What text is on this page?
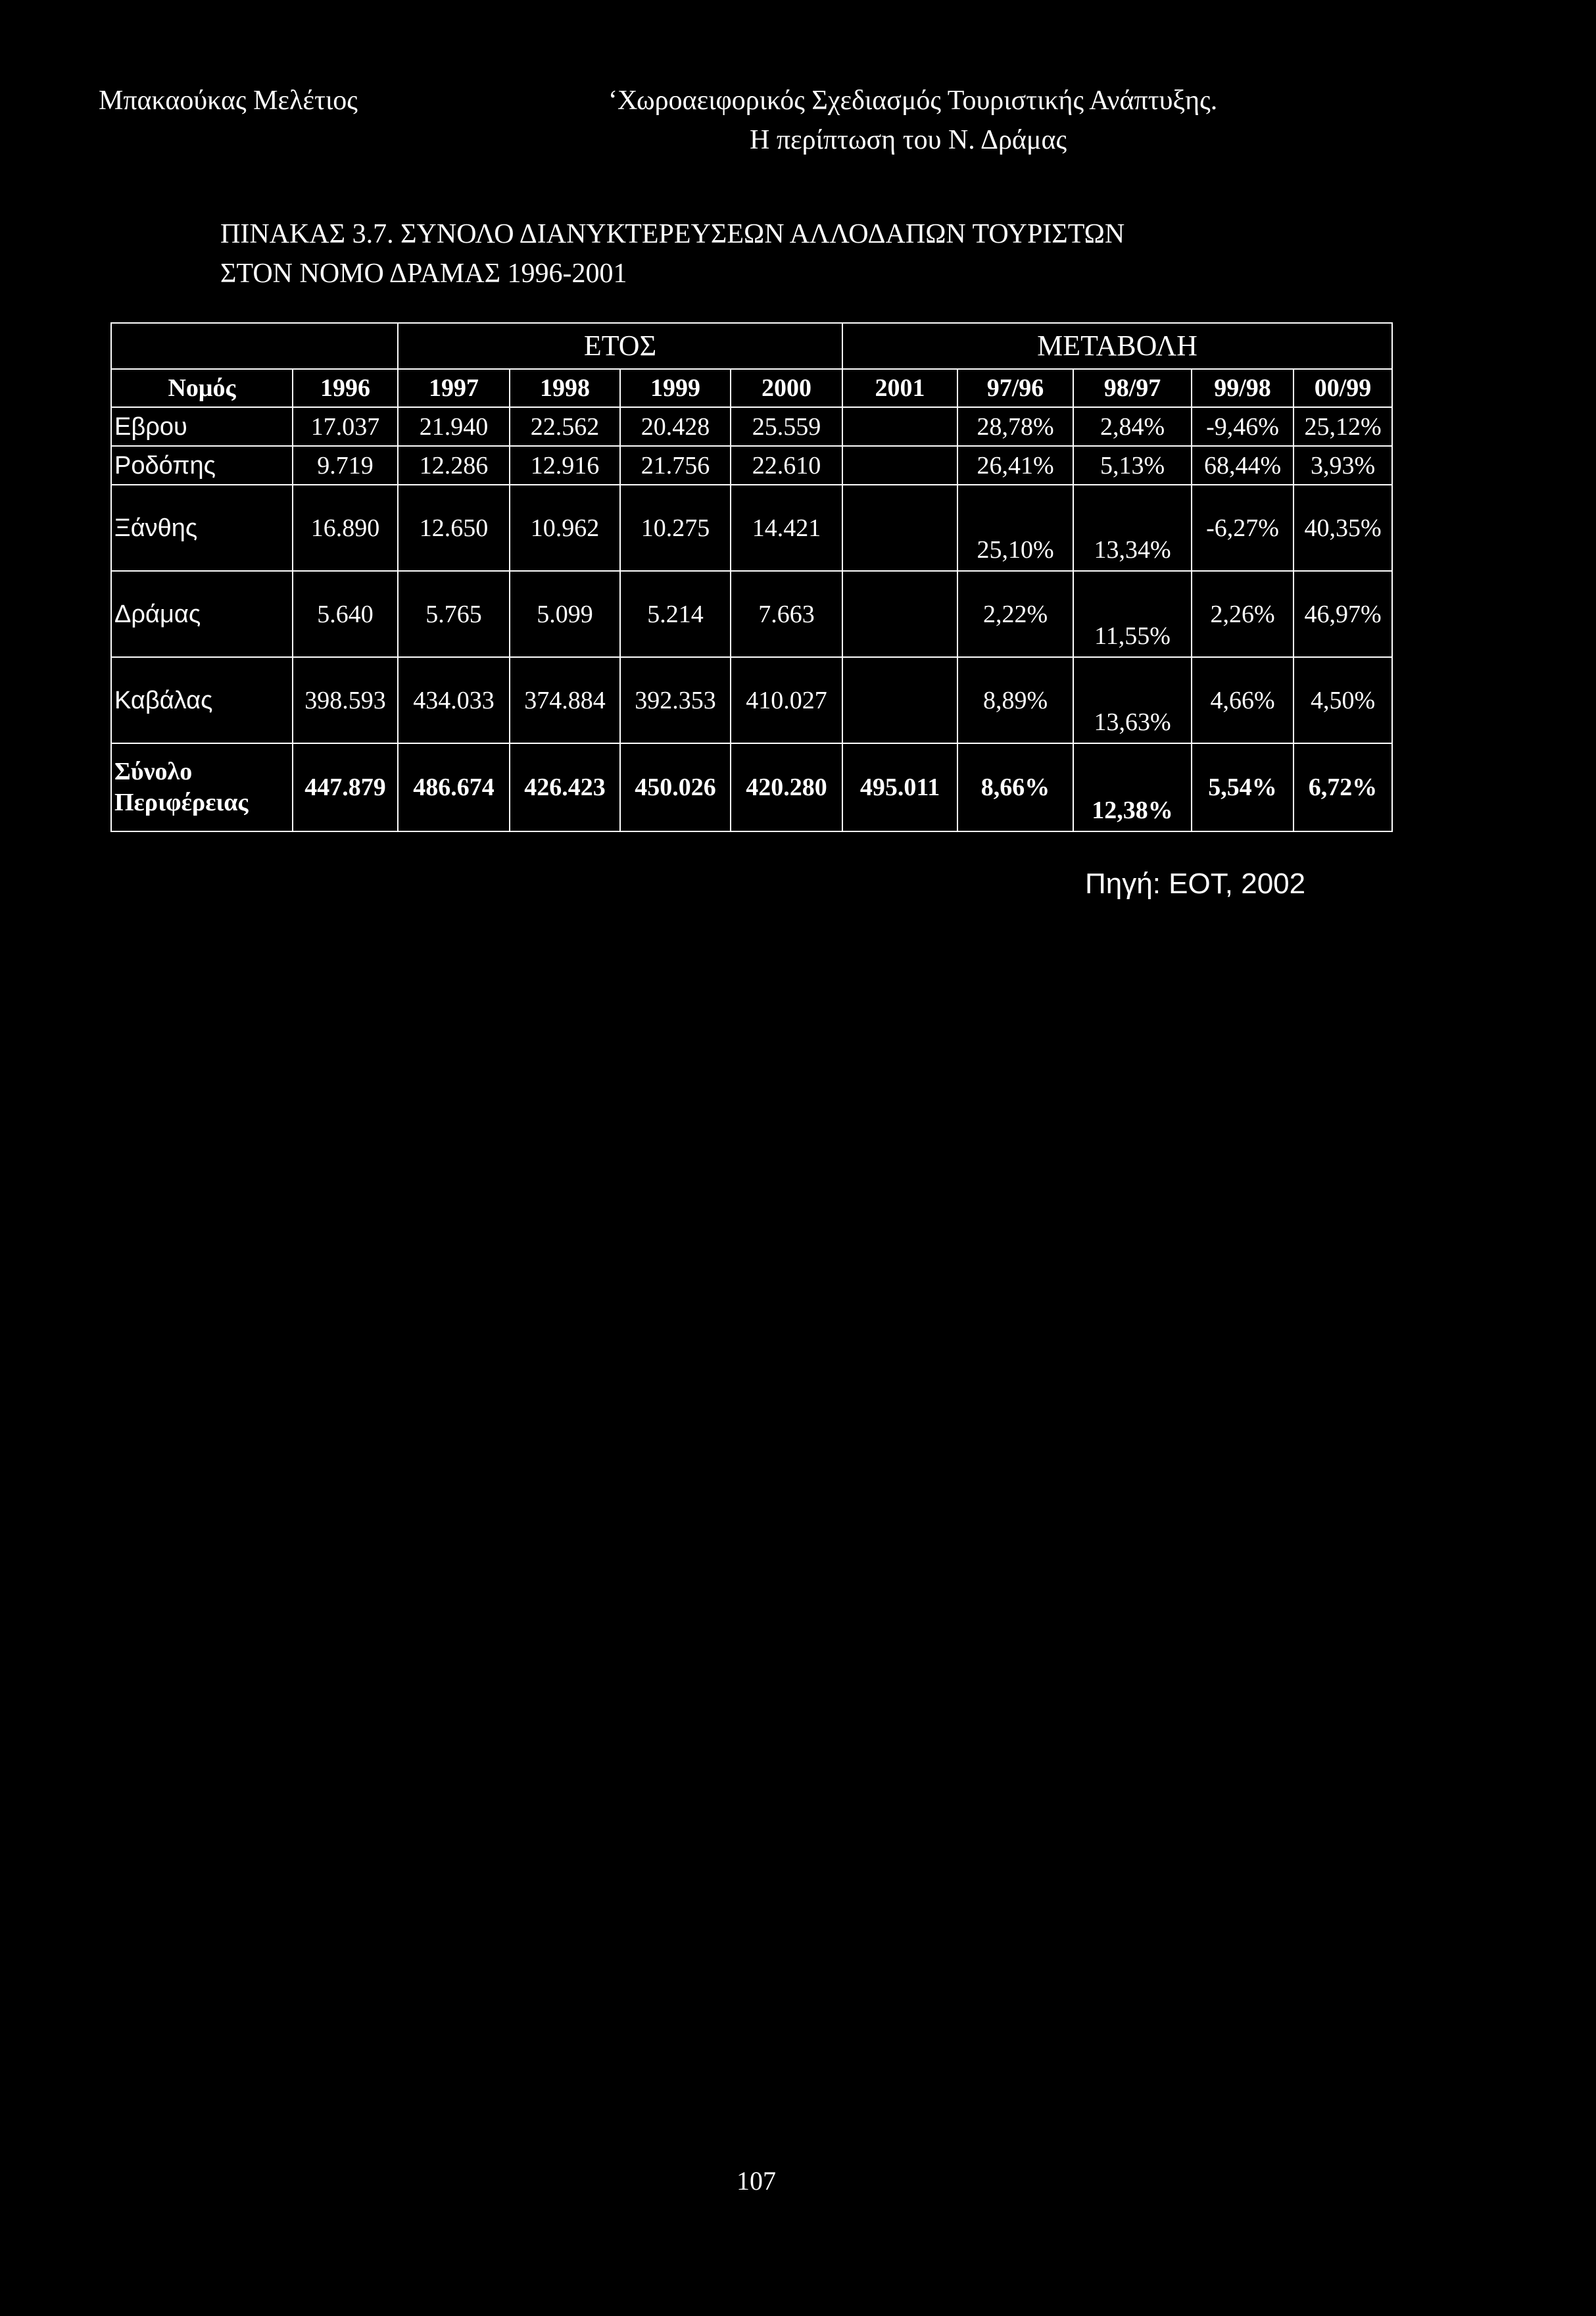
Μπακαούκας Μελέτιος	‘Χωροαειφορικός Σχεδιασμός Τουριστικής Ανάπτυξης.
Η περίπτωση του Ν. Δράμας
ΠΙΝΑΚΑΣ 3.7. ΣΥΝΟΛΟ ΔΙΑΝΥΚΤΕΡΕΥΣΕΩΝ ΑΛΛΟΔΑΠΩΝ ΤΟΥΡΙΣΤΩΝ
ΣΤΟΝ ΝΟΜΟ ΔΡΑΜΑΣ 1996-2001
		ΕΤΟΣ				ΜΕΤΑΒΟΛΗ				
Νομός	1996	1997	1998	1999	2000	2001	97/96	98/97	99/98	00/99
Εβρου	17.037	21.940	22.562	20.428	25.559		28,78%	2,84%	-9,46%	25,12%
Ροδόπης	9.719	12.286	12.916	21.756	22.610		26,41%	5,13%	68,44%	3,93%
Ξάνθης	16.890	12.650	10.962	10.275	14.421		25,10%	13,34%	-6,27%	40,35%
Δράμας	5.640	5.765	5.099	5.214	7.663		2,22%	11,55%	2,26%	46,97%
Καβάλας	398.593	434.033	374.884	392.353	410.027		8,89%	13,63%	4,66%	4,50%
Σύνολο
Περιφέρειας	447.879	486.674	426.423	450.026	420.280	495.011	8,66%	12,38%	5,54%	6,72%
Πηγή: ΕΟΤ, 2002
107
